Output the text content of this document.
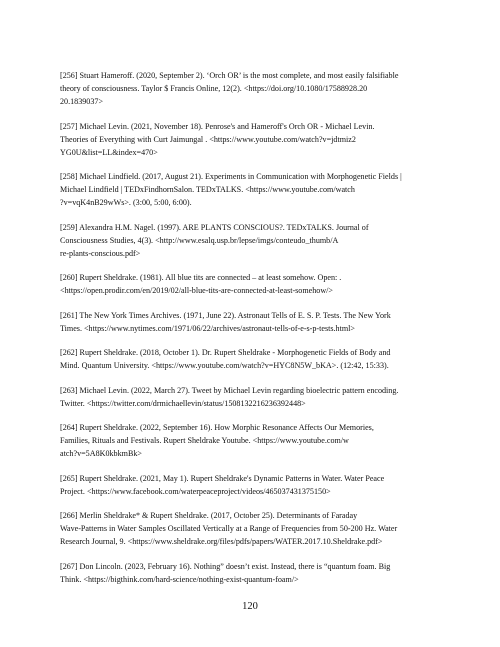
[256] Stuart Hameroff. (2020, September 2). ‘Orch OR’ is the most complete, and most easily falsifiable
theory of consciousness. Taylor $ Francis Online, 12(2). <https://doi.org/10.1080/17588928.20
20.1839037>
[257] Michael Levin. (2021, November 18). Penrose's and Hameroff's Orch OR - Michael Levin.
Theories of Everything with Curt Jaimungal . <https://www.youtube.com/watch?v=jdtmiz2
YG0U&list=LL&index=470>
[258] Michael Lindfield. (2017, August 21). Experiments in Communication with Morphogenetic Fields |
Michael Lindfield | TEDxFindhornSalon. TEDxTALKS. <https://www.youtube.com/watch
?v=vqK4nB29wWs>. (3:00, 5:00, 6:00).
[259] Alexandra H.M. Nagel. (1997). ARE PLANTS CONSCIOUS?. TEDxTALKS. Journal of
Consciousness Studies, 4(3). <http://www.esalq.usp.br/lepse/imgs/conteudo_thumb/A
re-plants-conscious.pdf>
[260] Rupert Sheldrake. (1981). All blue tits are connected – at least somehow. Open: .
<https://open.prodir.com/en/2019/02/all-blue-tits-are-connected-at-least-somehow/>
[261] The New York Times Archives. (1971, June 22). Astronaut Tells of E. S. P. Tests. The New York
Times. <https://www.nytimes.com/1971/06/22/archives/astronaut-tells-of-e-s-p-tests.html>
[262] Rupert Sheldrake. (2018, October 1). Dr. Rupert Sheldrake - Morphogenetic Fields of Body and
Mind. Quantum University. <https://www.youtube.com/watch?v=HYC8N5W_bKA>. (12:42, 15:33).
[263] Michael Levin. (2022, March 27). Tweet by Michael Levin regarding bioelectric pattern encoding.
Twitter. <https://twitter.com/drmichaellevin/status/1508132216236392448>
[264] Rupert Sheldrake. (2022, September 16). How Morphic Resonance Affects Our Memories,
Families, Rituals and Festivals. Rupert Sheldrake Youtube. <https://www.youtube.com/w
atch?v=5A8K0kbkmBk>
[265] Rupert Sheldrake. (2021, May 1). Rupert Sheldrake's Dynamic Patterns in Water. Water Peace
Project. <https://www.facebook.com/waterpeaceproject/videos/465037431375150>
[266] Merlin Sheldrake* & Rupert Sheldrake. (2017, October 25). Determinants of Faraday
Wave-Patterns in Water Samples Oscillated Vertically at a Range of Frequencies from 50-200 Hz. Water
Research Journal, 9. <https://www.sheldrake.org/files/pdfs/papers/WATER.2017.10.Sheldrake.pdf>
[267] Don Lincoln. (2023, February 16). Nothing” doesn’t exist. Instead, there is “quantum foam. Big
Think. <https://bigthink.com/hard-science/nothing-exist-quantum-foam/>
120
